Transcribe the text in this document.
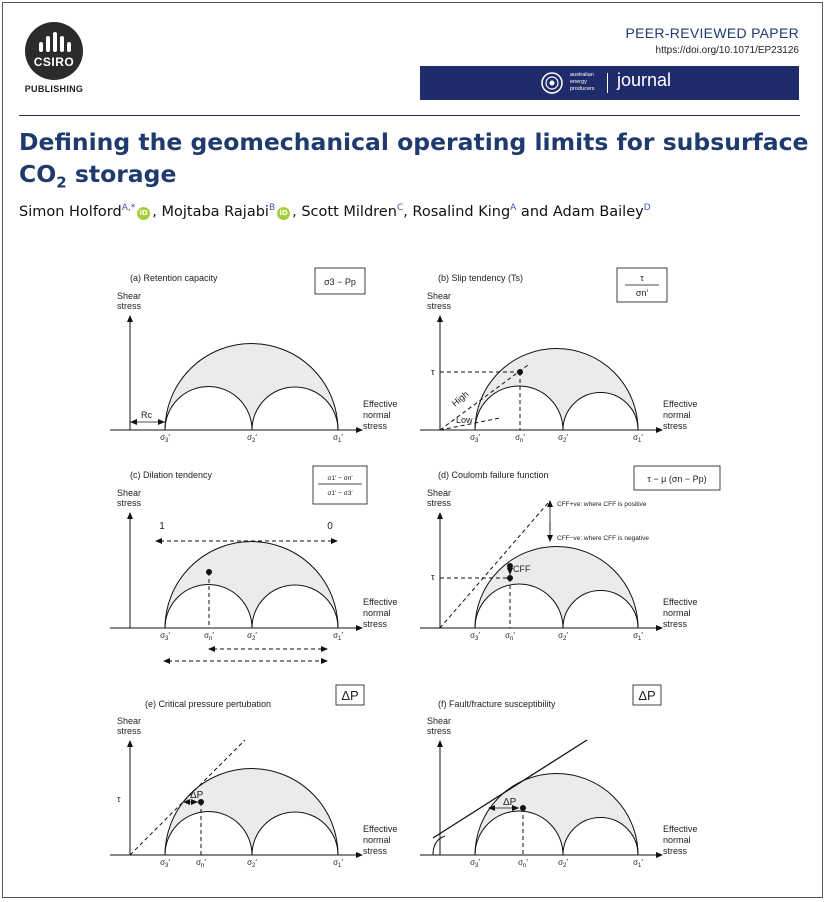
CSIRO
PUBLISHING
PEER-REVIEWED PAPER
https://doi.org/10.1071/EP23126
australian energy producers	journal
Defining the geomechanical operating limits for subsurface $CO_2$ storage
Simon Holford$^{A,*}$ iD , Mojtaba Rajabi$^B$ iD , Scott Mildren$^C$, Rosalind King$^A$ and Adam Bailey$^D$
Shear
stress
Effective
normal
stress
$\sigma_3'$	$\sigma_2'$	$\sigma_1'$
(a) Retention capacity	σ3 − Pp
Rc
Shear
stress
Effective
normal
stress
$\sigma_3'$	$\sigma_2'$	$\sigma_1'$
(b) Slip tendency (Ts)	τ
σn′
τ
$\sigma_n'$
High
Low
Shear
stress
Effective
normal
stress
$\sigma_3'$	$\sigma_2'$	$\sigma_1'$
(c) Dilation tendency	σ1′ − σn′
σ1′ − σ3′
1	0
$\sigma_n'$
Shear
stress
Effective
normal
stress
$\sigma_3'$	$\sigma_2'$	$\sigma_1'$
(d) Coulomb failure function	τ − μ (σn − Pp)
CFF
τ
$\sigma_n'$
CFF+ve: where CFF is positive
CFF−ve: where CFF is negative
Shear
stress
Effective
normal
stress
$\sigma_3'$	$\sigma_2'$	$\sigma_1'$
(e) Critical pressure pertubation
ΔP
ΔP
τ
$\sigma_n'$
Shear
stress
Effective
normal
stress
$\sigma_3'$	$\sigma_2'$	$\sigma_1'$
(f) Fault/fracture susceptibility
ΔP
ΔP
$\sigma_n'$
